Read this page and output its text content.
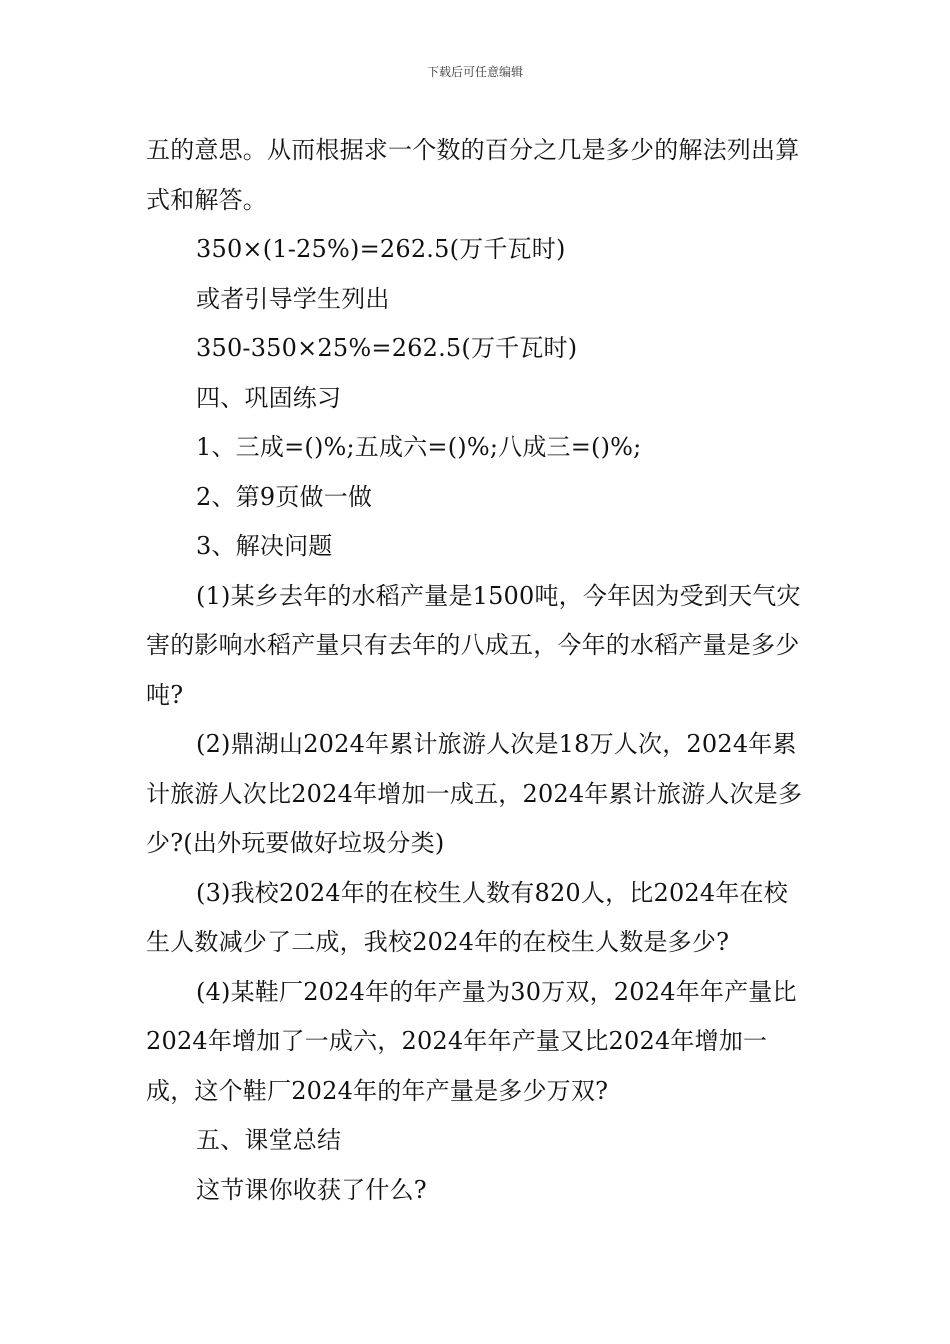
下载后可任意编辑

五的意思。从而根据求一个数的百分之几是多少的解法列出算式和解答。

350×(1-25%)=262.5(万千瓦时)

或者引导学生列出

350-350×25%=262.5(万千瓦时)

四、巩固练习

1、三成=()%;五成六=()%;八成三=()%;

2、第9页做一做

3、解决问题

(1)某乡去年的水稻产量是1500吨，今年因为受到天气灾害的影响水稻产量只有去年的八成五，今年的水稻产量是多少吨?

(2)鼎湖山2024年累计旅游人次是18万人次，2024年累计旅游人次比2024年增加一成五，2024年累计旅游人次是多少?(出外玩要做好垃圾分类)

(3)我校2024年的在校生人数有820人，比2024年在校生人数减少了二成，我校2024年的在校生人数是多少?

(4)某鞋厂2024年的年产量为30万双，2024年年产量比2024年增加了一成六，2024年年产量又比2024年增加一成，这个鞋厂2024年的年产量是多少万双?

五、课堂总结

这节课你收获了什么?
